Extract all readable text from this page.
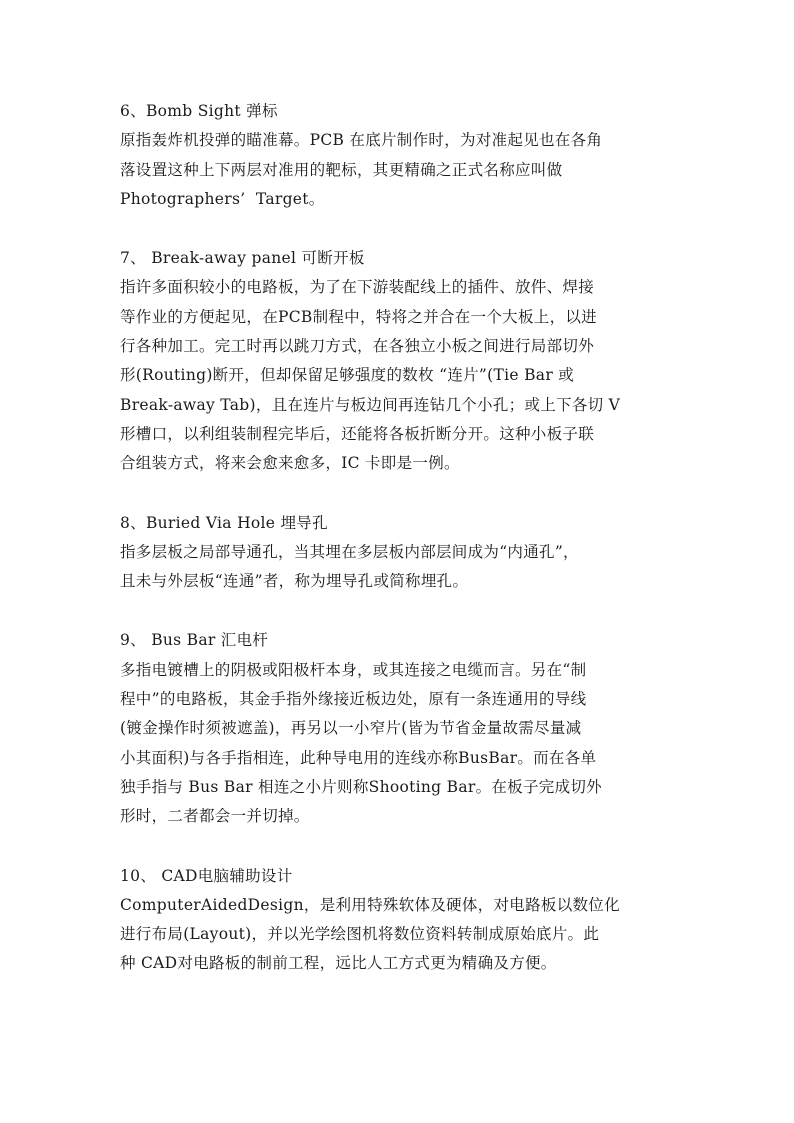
6、Bomb Sight 弹标
原指轰炸机投弹的瞄准幕。PCB 在底片制作时，为对准起见也在各角
落设置这种上下两层对准用的靶标，其更精确之正式名称应叫做
Photographers’  Target。
7、 Break-away panel 可断开板
指许多面积较小的电路板，为了在下游装配线上的插件、放件、焊接
等作业的方便起见，在PCB制程中，特将之并合在一个大板上，以进
行各种加工。完工时再以跳刀方式，在各独立小板之间进行局部切外
形(Routing)断开，但却保留足够强度的数枚 “连片”(Tie Bar 或
Break-away Tab)，且在连片与板边间再连钻几个小孔；或上下各切 V
形槽口，以利组装制程完毕后，还能将各板折断分开。这种小板子联
合组装方式，将来会愈来愈多，IC 卡即是一例。
8、Buried Via Hole 埋导孔
指多层板之局部导通孔，当其埋在多层板内部层间成为“内通孔”，
且未与外层板“连通”者，称为埋导孔或简称埋孔。
9、 Bus Bar 汇电杆
多指电镀槽上的阴极或阳极杆本身，或其连接之电缆而言。另在“制
程中”的电路板，其金手指外缘接近板边处，原有一条连通用的导线
(镀金操作时须被遮盖)，再另以一小窄片(皆为节省金量故需尽量减
小其面积)与各手指相连，此种导电用的连线亦称BusBar。而在各单
独手指与 Bus Bar 相连之小片则称Shooting Bar。在板子完成切外
形时，二者都会一并切掉。
10、 CAD电脑辅助设计
ComputerAidedDesign，是利用特殊软体及硬体，对电路板以数位化
进行布局(Layout)，并以光学绘图机将数位资料转制成原始底片。此
种 CAD对电路板的制前工程，远比人工方式更为精确及方便。
